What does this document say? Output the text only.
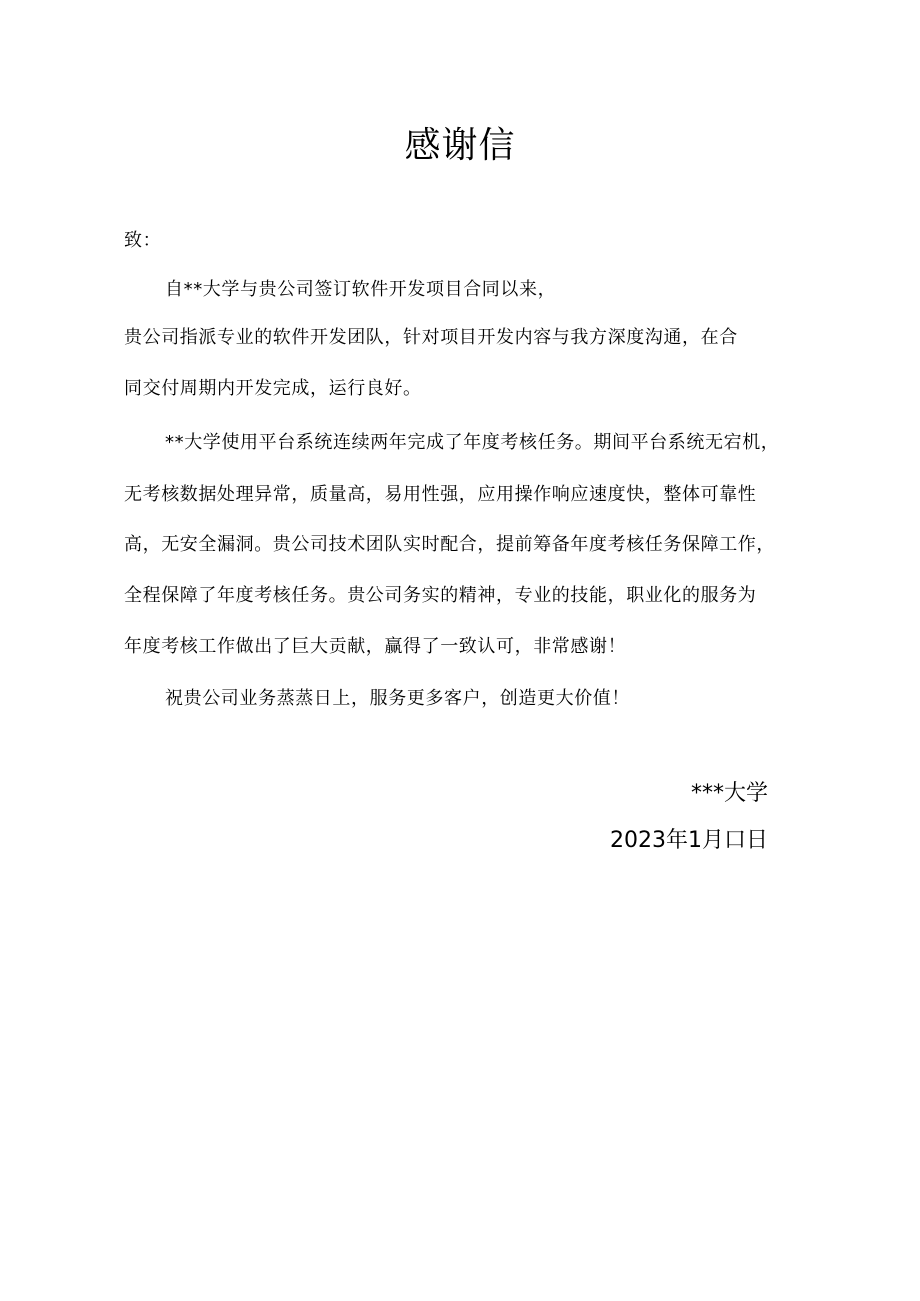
感谢信
致：
自**大学与贵公司签订软件开发项目合同以来，
贵公司指派专业的软件开发团队，针对项目开发内容与我方深度沟通，在合
同交付周期内开发完成，运行良好。
**大学使用平台系统连续两年完成了年度考核任务。期间平台系统无宕机，
无考核数据处理异常，质量高，易用性强，应用操作响应速度快，整体可靠性
高，无安全漏洞。贵公司技术团队实时配合，提前筹备年度考核任务保障工作，
全程保障了年度考核任务。贵公司务实的精神，专业的技能，职业化的服务为
年度考核工作做出了巨大贡献，赢得了一致认可，非常感谢！
祝贵公司业务蒸蒸日上，服务更多客户，创造更大价值！
***大学
2023年1月口日
